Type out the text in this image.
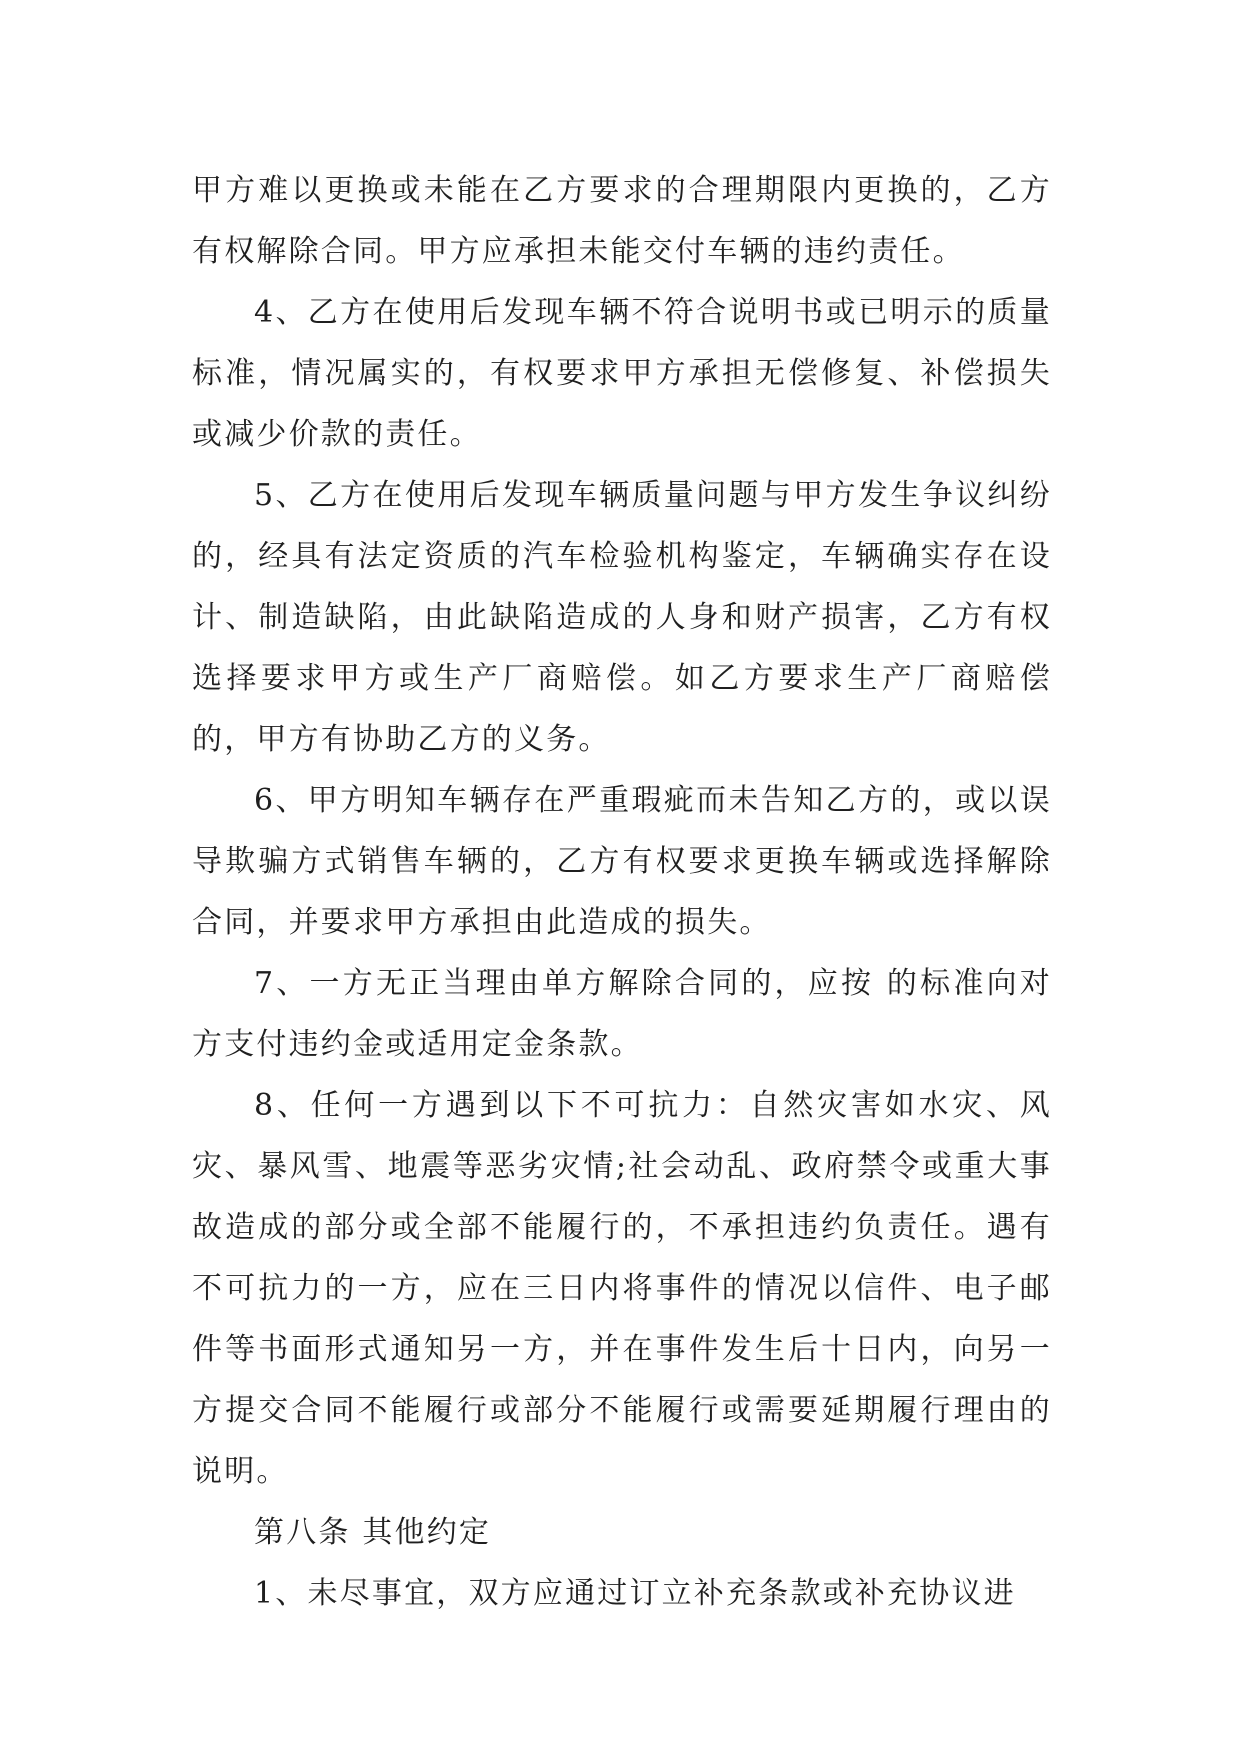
甲方难以更换或未能在乙方要求的合理期限内更换的，乙方有权解除合同。甲方应承担未能交付车辆的违约责任。

4、乙方在使用后发现车辆不符合说明书或已明示的质量标准，情况属实的，有权要求甲方承担无偿修复、补偿损失或减少价款的责任。

5、乙方在使用后发现车辆质量问题与甲方发生争议纠纷的，经具有法定资质的汽车检验机构鉴定，车辆确实存在设计、制造缺陷，由此缺陷造成的人身和财产损害，乙方有权选择要求甲方或生产厂商赔偿。如乙方要求生产厂商赔偿的，甲方有协助乙方的义务。

6、甲方明知车辆存在严重瑕疵而未告知乙方的，或以误导欺骗方式销售车辆的，乙方有权要求更换车辆或选择解除合同，并要求甲方承担由此造成的损失。

7、一方无正当理由单方解除合同的，应按 的标准向对方支付违约金或适用定金条款。

8、任何一方遇到以下不可抗力：自然灾害如水灾、风灾、暴风雪、地震等恶劣灾情;社会动乱、政府禁令或重大事故造成的部分或全部不能履行的，不承担违约负责任。遇有不可抗力的一方，应在三日内将事件的情况以信件、电子邮件等书面形式通知另一方，并在事件发生后十日内，向另一方提交合同不能履行或部分不能履行或需要延期履行理由的说明。

第八条 其他约定

1、未尽事宜，双方应通过订立补充条款或补充协议进
